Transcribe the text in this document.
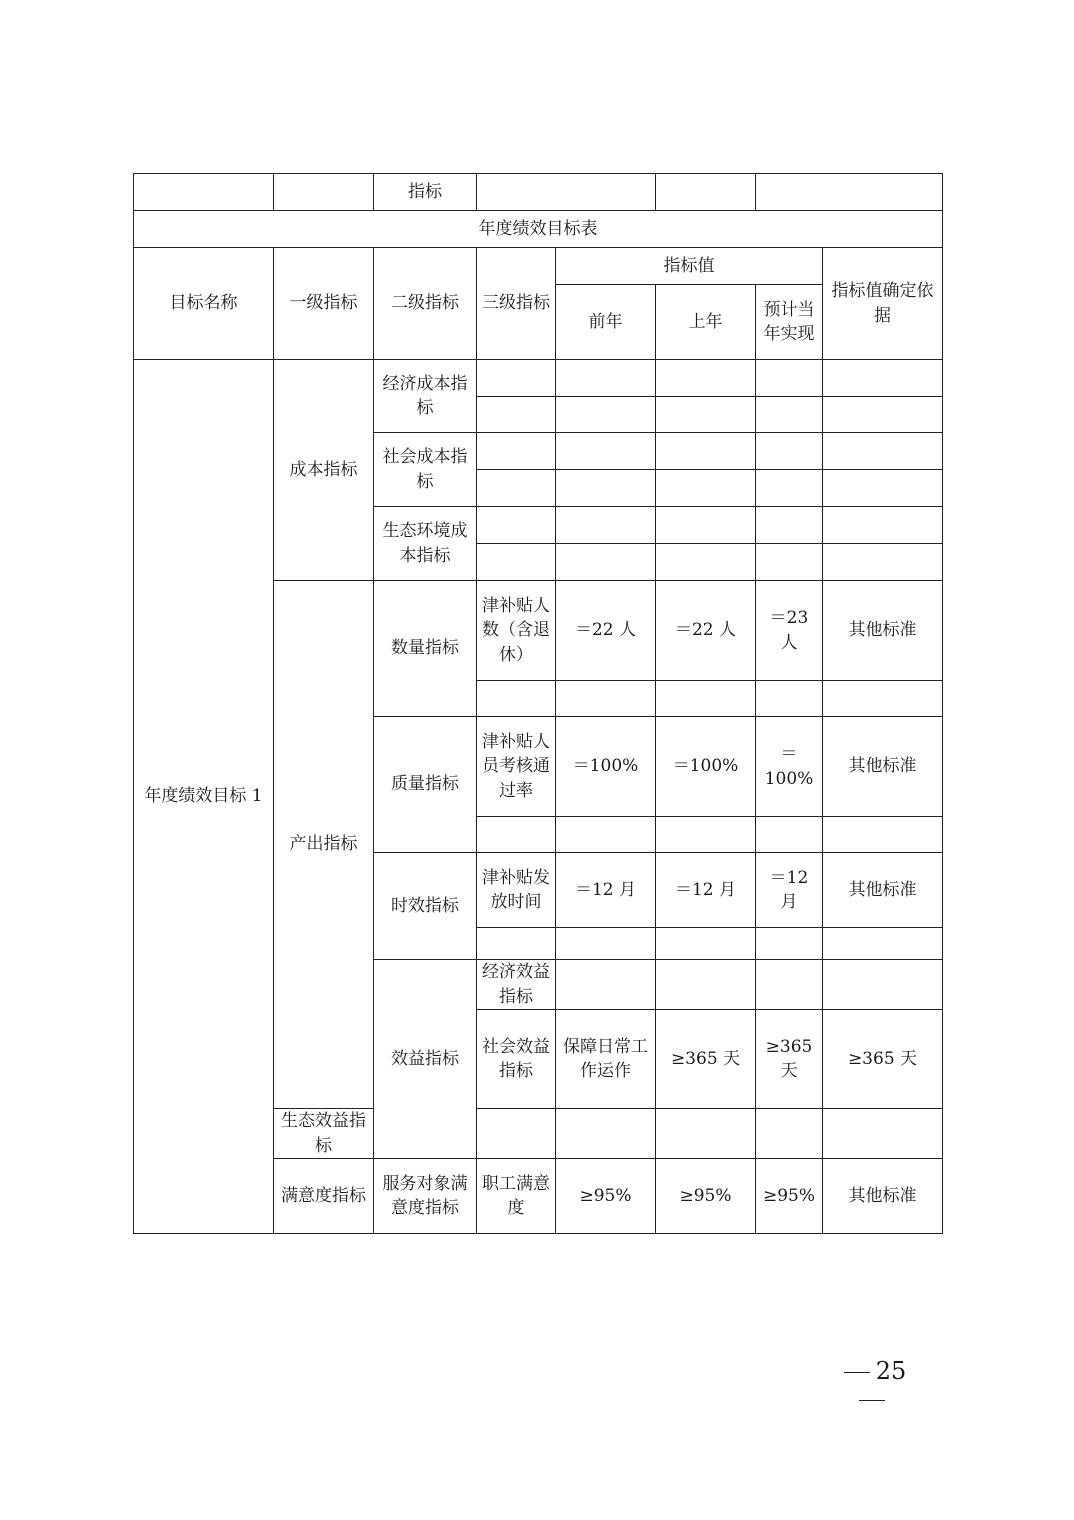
		指标						
年度绩效目标表								
目标名称	一级指标	二级指标	三级指标	指标值			指标值确定依据	
				前年	上年	预计当年实现		
年度绩效目标 1	成本指标	经济成本指标						

		社会成本指标						

		生态环境成本指标						

	产出指标	数量指标	津补贴人数（含退休）	＝22 人	＝22 人	＝23 人	其他标准	

		质量指标	津补贴人员考核通过率	＝100%	＝100%	＝ 100%	其他标准	

		时效指标	津补贴发放时间	＝12 月	＝12 月	＝12 月	其他标准	

		效益指标	经济效益指标					
			社会效益指标	保障日常工作运作	≥365 天	≥365 天	≥365 天	
	生态效益指标							
	满意度指标	服务对象满意度指标	职工满意度	≥95%	≥95%	≥95%	其他标准	
25
